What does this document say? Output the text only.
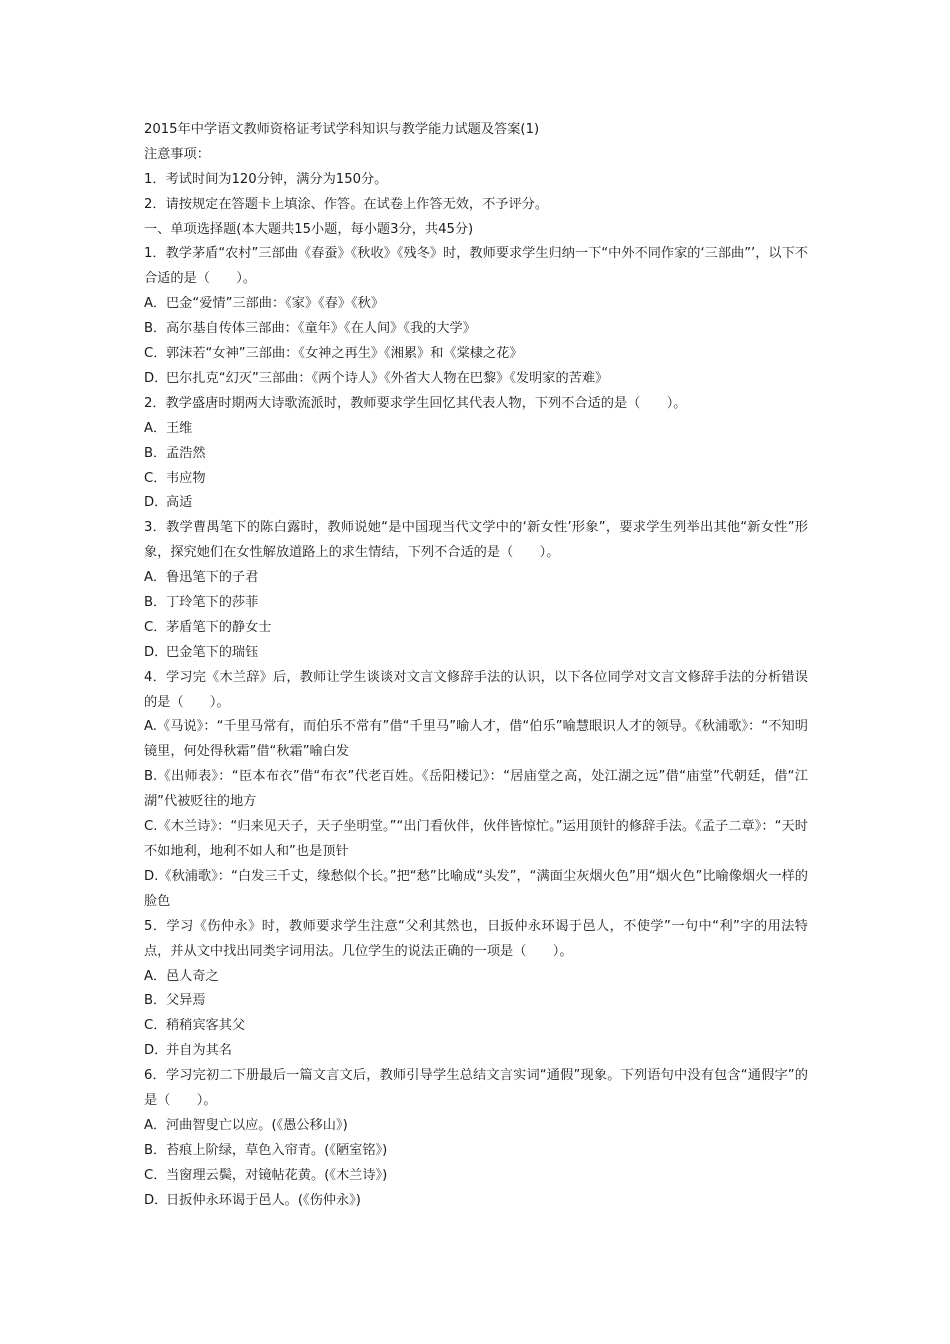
2015年中学语文教师资格证考试学科知识与教学能力试题及答案(1)
注意事项：
1．考试时间为120分钟，满分为150分。
2．请按规定在答题卡上填涂、作答。在试卷上作答无效，不予评分。
一、单项选择题(本大题共15小题，每小题3分，共45分)
1．教学茅盾“农村”三部曲《春蚕》《秋收》《残冬》时，教师要求学生归纳一下“中外不同作家的‘三部曲”’，以下不合适的是（　　）。
A．巴金“爱情”三部曲：《家》《春》《秋》
B．高尔基自传体三部曲：《童年》《在人间》《我的大学》
C．郭沫若“女神”三部曲：《女神之再生》《湘累》和《棠棣之花》
D．巴尔扎克“幻灭”三部曲：《两个诗人》《外省大人物在巴黎》《发明家的苦难》
2．教学盛唐时期两大诗歌流派时，教师要求学生回忆其代表人物，下列不合适的是（　　）。
A．王维
B．孟浩然
C．韦应物
D．高适
3．教学曹禺笔下的陈白露时，教师说她“是中国现当代文学中的‘新女性’形象”，要求学生列举出其他“新女性”形象，探究她们在女性解放道路上的求生情结，下列不合适的是（　　）。
A．鲁迅笔下的子君
B．丁玲笔下的莎菲
C．茅盾笔下的静女士
D．巴金笔下的瑞钰
4．学习完《木兰辞》后，教师让学生谈谈对文言文修辞手法的认识，以下各位同学对文言文修辞手法的分析错误的是（　　）。
A.《马说》：“千里马常有，而伯乐不常有”借“千里马”喻人才，借“伯乐”喻慧眼识人才的领导。《秋浦歌》：“不知明镜里，何处得秋霜”借“秋霜”喻白发
B.《出师表》：“臣本布衣”借“布衣”代老百姓。《岳阳楼记》：“居庙堂之高，处江湖之远”借“庙堂”代朝廷，借“江湖”代被贬往的地方
C.《木兰诗》：“归来见天子，天子坐明堂。”“出门看伙伴，伙伴皆惊忙。”运用顶针的修辞手法。《孟子二章》：“天时不如地利，地利不如人和”也是顶针
D.《秋浦歌》：“白发三千丈，缘愁似个长。”把“愁”比喻成“头发”，“满面尘灰烟火色”用“烟火色”比喻像烟火一样的脸色
5．学习《伤仲永》时，教师要求学生注意“父利其然也，日扳仲永环谒于邑人，不使学”一句中“利”字的用法特点，并从文中找出同类字词用法。几位学生的说法正确的一项是（　　）。
A．邑人奇之
B．父异焉
C．稍稍宾客其父
D．并自为其名
6．学习完初二下册最后一篇文言文后，教师引导学生总结文言实词“通假”现象。下列语句中没有包含“通假字”的是（　　）。
A．河曲智叟亡以应。(《愚公移山》)
B．苔痕上阶绿，草色入帘青。(《陋室铭》)
C．当窗理云鬓，对镜帖花黄。(《木兰诗》)
D．日扳仲永环谒于邑人。(《伤仲永》)
